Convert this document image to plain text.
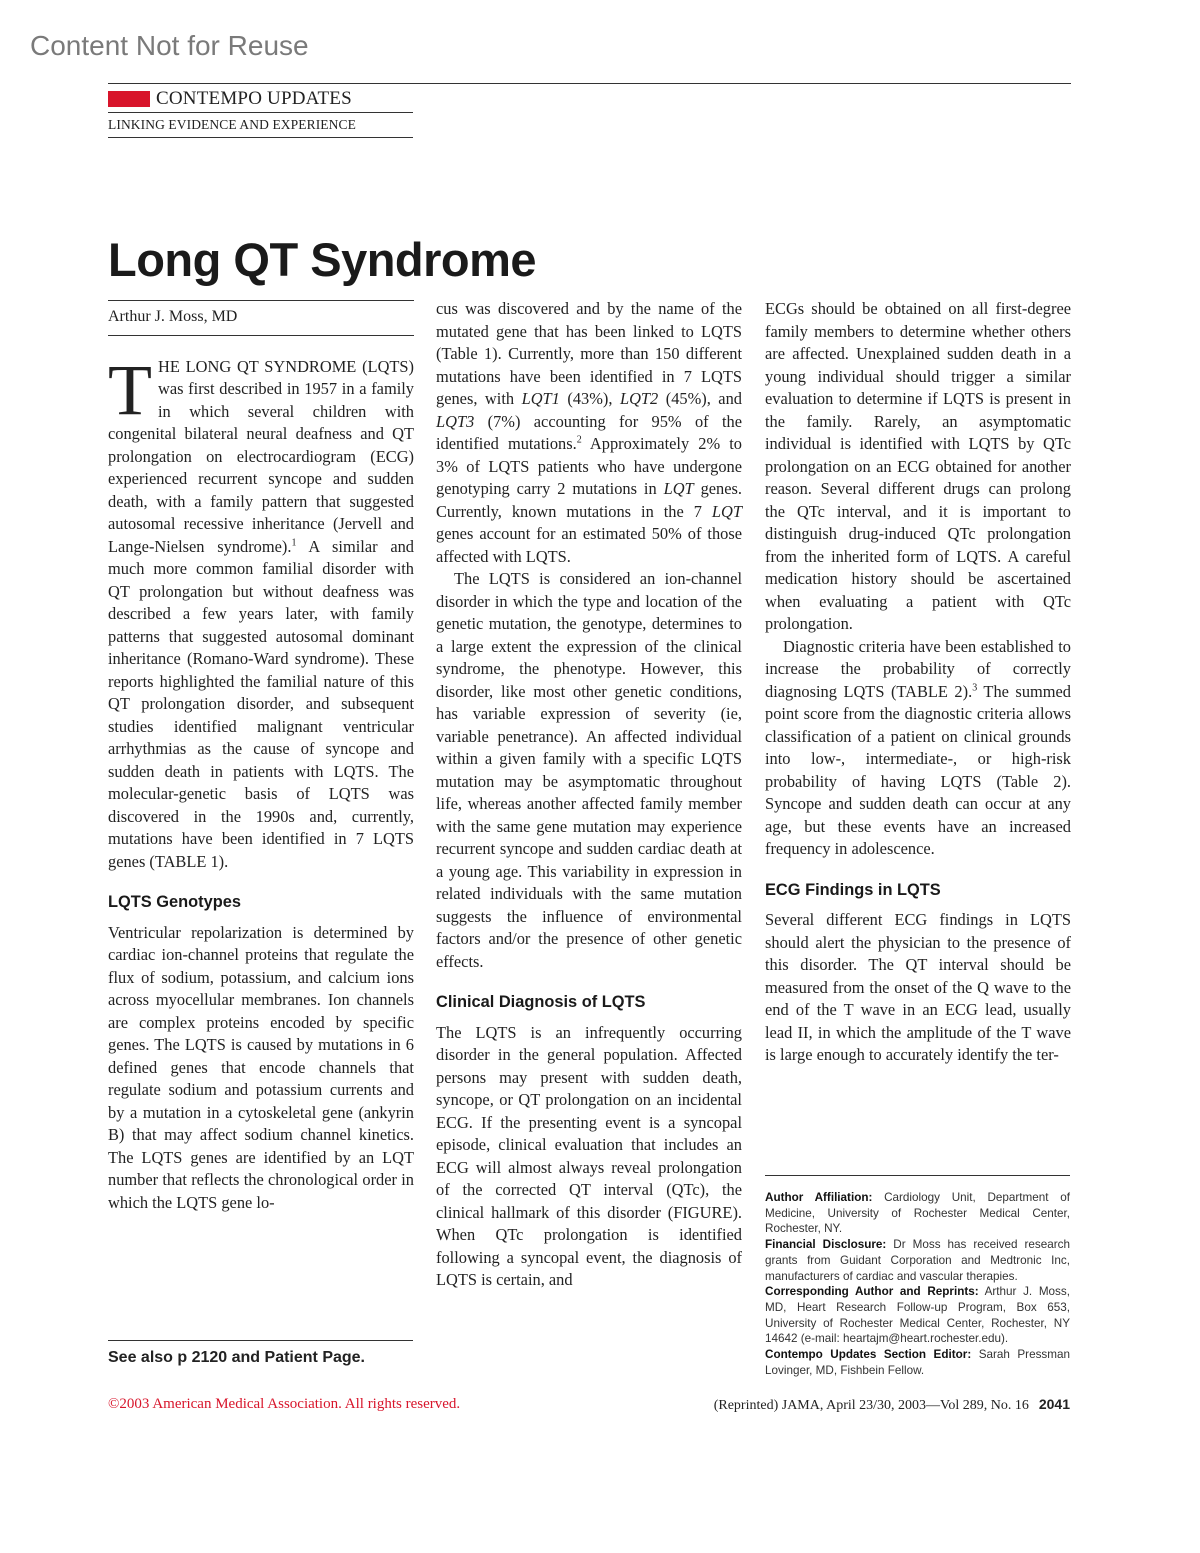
Content Not for Reuse
CONTEMPO UPDATES
LINKING EVIDENCE AND EXPERIENCE
Long QT Syndrome
Arthur J. Moss, MD

THE LONG QT SYNDROME (LQTS) was first described in 1957 in a family in which several children with congenital bilateral neural deafness and QT prolongation on electrocardiogram (ECG) experienced recurrent syncope and sudden death, with a family pattern that suggested autosomal recessive inheritance (Jervell and Lange-Nielsen syndrome).$^1$ A similar and much more common familial disorder with QT prolongation but without deafness was described a few years later, with family patterns that suggested autosomal dominant inheritance (Romano-Ward syndrome). These reports highlighted the familial nature of this QT prolongation disorder, and subsequent studies identified malignant ventricular arrhythmias as the cause of syncope and sudden death in patients with LQTS. The molecular-genetic basis of LQTS was discovered in the 1990s and, currently, mutations have been identified in 7 LQTS genes (TABLE 1).

LQTS Genotypes

Ventricular repolarization is determined by cardiac ion-channel proteins that regulate the flux of sodium, potassium, and calcium ions across myocellular membranes. Ion channels are complex proteins encoded by specific genes. The LQTS is caused by mutations in 6 defined genes that encode channels that regulate sodium and potassium currents and by a mutation in a cytoskeletal gene (ankyrin B) that may affect sodium channel kinetics. The LQTS genes are identified by an LQT number that reflects the chronological order in which the LQTS gene lo-

See also p 2120 and Patient Page.

cus was discovered and by the name of the mutated gene that has been linked to LQTS (Table 1). Currently, more than 150 different mutations have been identified in 7 LQTS genes, with LQT1 (43%), LQT2 (45%), and LQT3 (7%) accounting for 95% of the identified mutations.$^2$ Approximately 2% to 3% of LQTS patients who have undergone genotyping carry 2 mutations in LQT genes. Currently, known mutations in the 7 LQT genes account for an estimated 50% of those affected with LQTS.

The LQTS is considered an ion-channel disorder in which the type and location of the genetic mutation, the genotype, determines to a large extent the expression of the clinical syndrome, the phenotype. However, this disorder, like most other genetic conditions, has variable expression of severity (ie, variable penetrance). An affected individual within a given family with a specific LQTS mutation may be asymptomatic throughout life, whereas another affected family member with the same gene mutation may experience recurrent syncope and sudden cardiac death at a young age. This variability in expression in related individuals with the same mutation suggests the influence of environmental factors and/or the presence of other genetic effects.

Clinical Diagnosis of LQTS

The LQTS is an infrequently occurring disorder in the general population. Affected persons may present with sudden death, syncope, or QT prolongation on an incidental ECG. If the presenting event is a syncopal episode, clinical evaluation that includes an ECG will almost always reveal prolongation of the corrected QT interval (QTc), the clinical hallmark of this disorder (FIGURE). When QTc prolongation is identified following a syncopal event, the diagnosis of LQTS is certain, and

ECGs should be obtained on all first-degree family members to determine whether others are affected. Unexplained sudden death in a young individual should trigger a similar evaluation to determine if LQTS is present in the family. Rarely, an asymptomatic individual is identified with LQTS by QTc prolongation on an ECG obtained for another reason. Several different drugs can prolong the QTc interval, and it is important to distinguish drug-induced QTc prolongation from the inherited form of LQTS. A careful medication history should be ascertained when evaluating a patient with QTc prolongation.

Diagnostic criteria have been established to increase the probability of correctly diagnosing LQTS (TABLE 2).$^3$ The summed point score from the diagnostic criteria allows classification of a patient on clinical grounds into low-, intermediate-, or high-risk probability of having LQTS (Table 2). Syncope and sudden death can occur at any age, but these events have an increased frequency in adolescence.

ECG Findings in LQTS

Several different ECG findings in LQTS should alert the physician to the presence of this disorder. The QT interval should be measured from the onset of the Q wave to the end of the T wave in an ECG lead, usually lead II, in which the amplitude of the T wave is large enough to accurately identify the ter-

Author Affiliation: Cardiology Unit, Department of Medicine, University of Rochester Medical Center, Rochester, NY.

Financial Disclosure: Dr Moss has received research grants from Guidant Corporation and Medtronic Inc, manufacturers of cardiac and vascular therapies.

Corresponding Author and Reprints: Arthur J. Moss, MD, Heart Research Follow-up Program, Box 653, University of Rochester Medical Center, Rochester, NY 14642 (e-mail: heartajm@heart.rochester.edu).

Contempo Updates Section Editor: Sarah Pressman Lovinger, MD, Fishbein Fellow.

©2003 American Medical Association. All rights reserved.	(Reprinted) JAMA, April 23/30, 2003—Vol 289, No. 16 2041
